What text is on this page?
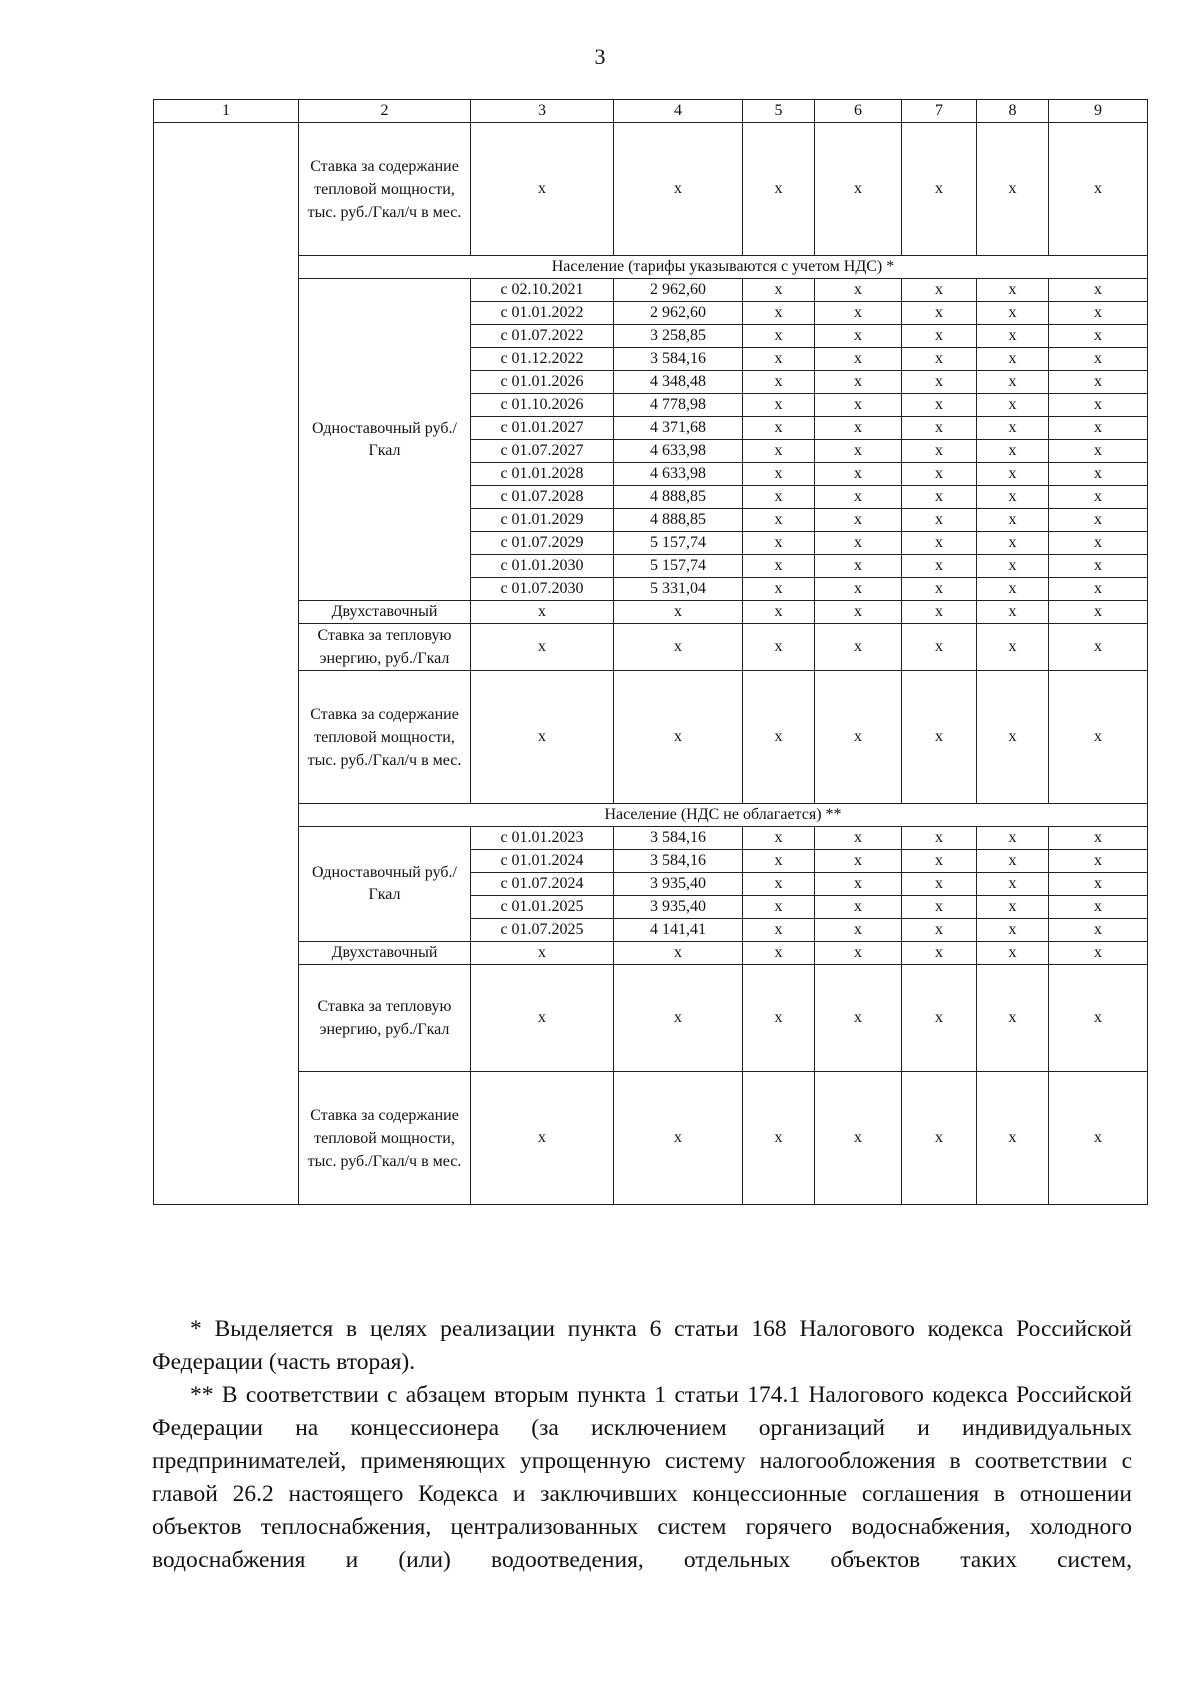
3
1	2	3	4	5	6	7	8	9
	Ставка за содержание тепловой мощности, тыс. руб./Гкал/ч в мес.	x	x	x	x	x	x	x
	Население (тарифы указываются с учетом НДС) *							
	Одноставочный руб./Гкал	с 02.10.2021	2 962,60	x	x	x	x	x
		с 01.01.2022	2 962,60	x	x	x	x	x
		с 01.07.2022	3 258,85	x	x	x	x	x
		с 01.12.2022	3 584,16	x	x	x	x	x
		с 01.01.2026	4 348,48	x	x	x	x	x
		с 01.10.2026	4 778,98	x	x	x	x	x
		с 01.01.2027	4 371,68	x	x	x	x	x
		с 01.07.2027	4 633,98	x	x	x	x	x
		с 01.01.2028	4 633,98	x	x	x	x	x
		с 01.07.2028	4 888,85	x	x	x	x	x
		с 01.01.2029	4 888,85	x	x	x	x	x
		с 01.07.2029	5 157,74	x	x	x	x	x
		с 01.01.2030	5 157,74	x	x	x	x	x
		с 01.07.2030	5 331,04	x	x	x	x	x
	Двухставочный	x	x	x	x	x	x	x
	Ставка за тепловую энергию, руб./Гкал	x	x	x	x	x	x	x
	Ставка за содержание тепловой мощности, тыс. руб./Гкал/ч в мес.	x	x	x	x	x	x	x
	Население (НДС не облагается) **							
	Одноставочный руб./Гкал	с 01.01.2023	3 584,16	x	x	x	x	x
		с 01.01.2024	3 584,16	x	x	x	x	x
		с 01.07.2024	3 935,40	x	x	x	x	x
		с 01.01.2025	3 935,40	x	x	x	x	x
		с 01.07.2025	4 141,41	x	x	x	x	x
	Двухставочный	x	x	x	x	x	x	x
	Ставка за тепловую энергию, руб./Гкал	x	x	x	x	x	x	x
	Ставка за содержание тепловой мощности, тыс. руб./Гкал/ч в мес.	x	x	x	x	x	x	x

* Выделяется в целях реализации пункта 6 статьи 168 Налогового кодекса Российской Федерации (часть вторая).

** В соответствии с абзацем вторым пункта 1 статьи 174.1 Налогового кодекса Российской Федерации на концессионера (за исключением организаций и индивидуальных предпринимателей, применяющих упрощенную систему налогообложения в соответствии с главой 26.2 настоящего Кодекса и заключивших концессионные соглашения в отношении объектов теплоснабжения, централизованных систем горячего водоснабжения, холодного водоснабжения и (или) водоотведения, отдельных объектов таких систем,
